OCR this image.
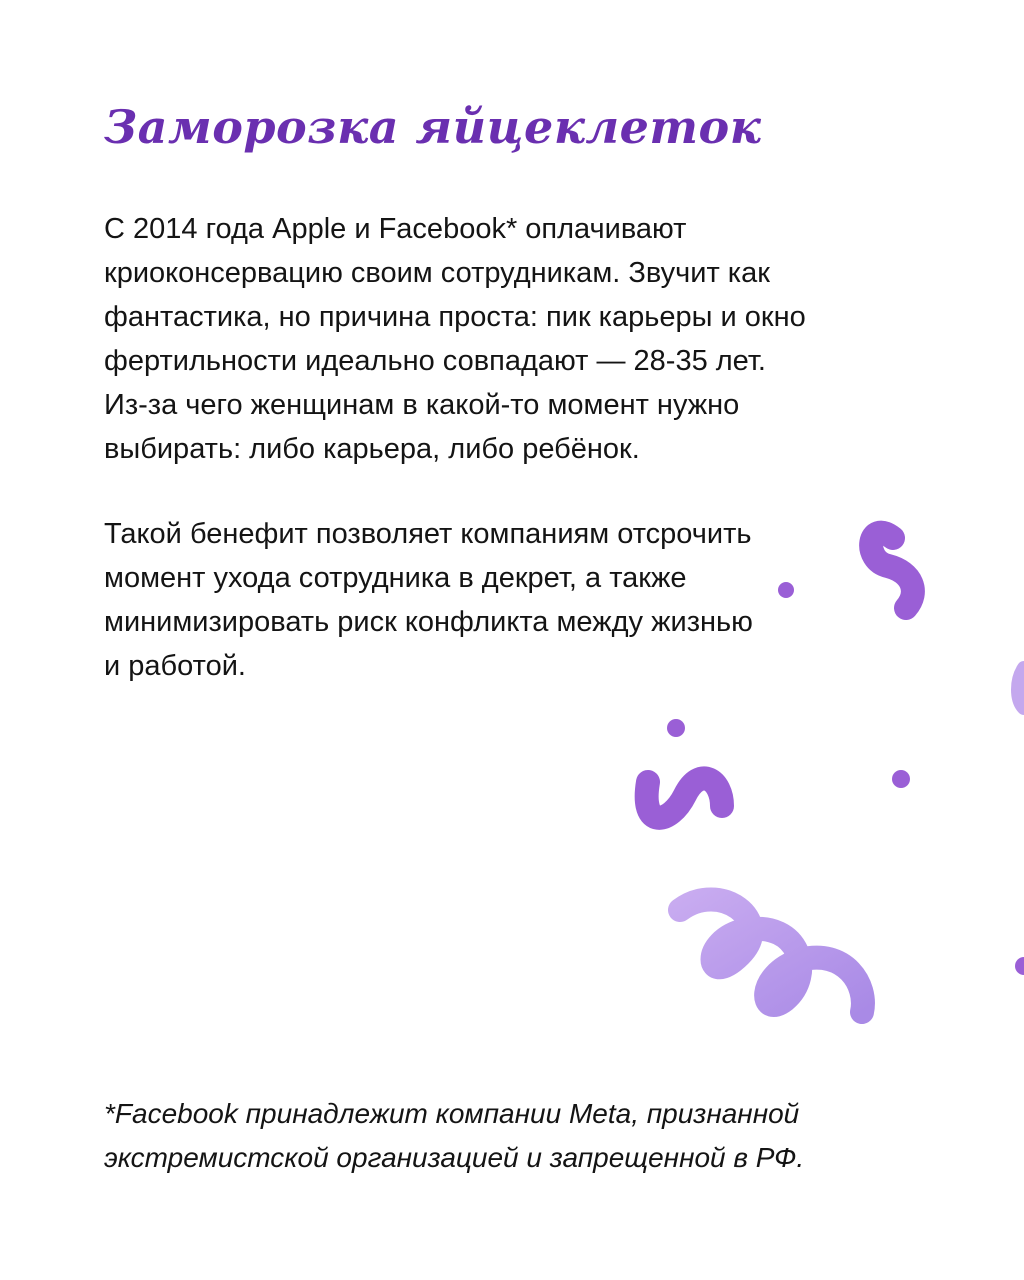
Заморозка яйцеклеток

С 2014 года Apple и Facebook* оплачивают
криоконсервацию своим сотрудникам. Звучит как
фантастика, но причина проста: пик карьеры и окно
фертильности идеально совпадают — 28-35 лет.
Из-за чего женщинам в какой-то момент нужно
выбирать: либо карьера, либо ребёнок.

Такой бенефит позволяет компаниям отсрочить
момент ухода сотрудника в декрет, а также
минимизировать риск конфликта между жизнью
и работой.

*Facebook принадлежит компании Meta, признанной
экстремистской организацией и запрещенной в РФ.
